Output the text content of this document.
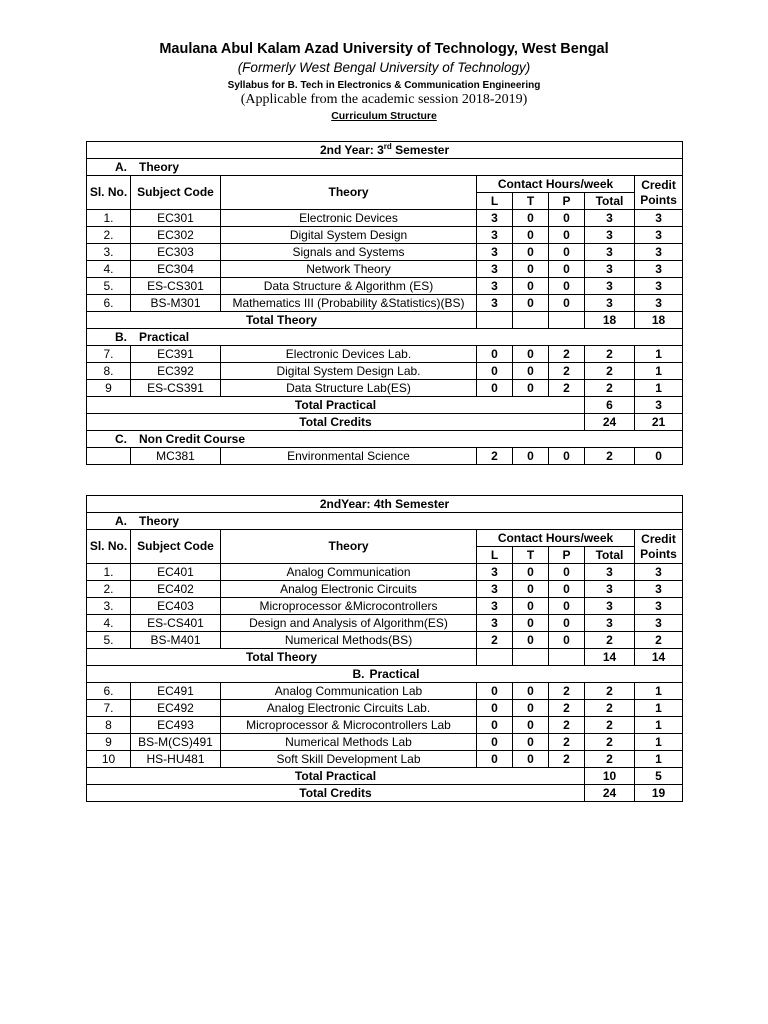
Maulana Abul Kalam Azad University of Technology, West Bengal
(Formerly West Bengal University of Technology)
Syllabus for B. Tech in Electronics & Communication Engineering
(Applicable from the academic session 2018-2019)
Curriculum Structure
2nd Year: 3rd Semester							
A. Theory							
Sl. No.	Subject Code	Theory	Contact Hours/week				Credit Points
			L	T	P	Total	
1.	EC301	Electronic Devices	3	0	0	3	3
2.	EC302	Digital System Design	3	0	0	3	3
3.	EC303	Signals and Systems	3	0	0	3	3
4.	EC304	Network Theory	3	0	0	3	3
5.	ES-CS301	Data Structure & Algorithm (ES)	3	0	0	3	3
6.	BS-M301	Mathematics III (Probability &Statistics)(BS)	3	0	0	3	3
Total Theory						18	18
B. Practical							
7.	EC391	Electronic Devices Lab.	0	0	2	2	1
8.	EC392	Digital System Design Lab.	0	0	2	2	1
9	ES-CS391	Data Structure Lab(ES)	0	0	2	2	1
Total Practical						6	3
Total Credits						24	21
C. Non Credit Course							
	MC381	Environmental Science	2	0	0	2	0
2ndYear: 4th Semester							
A. Theory							
Sl. No.	Subject Code	Theory	Contact Hours/week				Credit Points
			L	T	P	Total	
1.	EC401	Analog Communication	3	0	0	3	3
2.	EC402	Analog Electronic Circuits	3	0	0	3	3
3.	EC403	Microprocessor &Microcontrollers	3	0	0	3	3
4.	ES-CS401	Design and Analysis of Algorithm(ES)	3	0	0	3	3
5.	BS-M401	Numerical Methods(BS)	2	0	0	2	2
Total Theory						14	14
B. Practical							
6.	EC491	Analog Communication Lab	0	0	2	2	1
7.	EC492	Analog Electronic Circuits Lab.	0	0	2	2	1
8	EC493	Microprocessor & Microcontrollers Lab	0	0	2	2	1
9	BS-M(CS)491	Numerical Methods Lab	0	0	2	2	1
10	HS-HU481	Soft Skill Development Lab	0	0	2	2	1
Total Practical						10	5
Total Credits						24	19
